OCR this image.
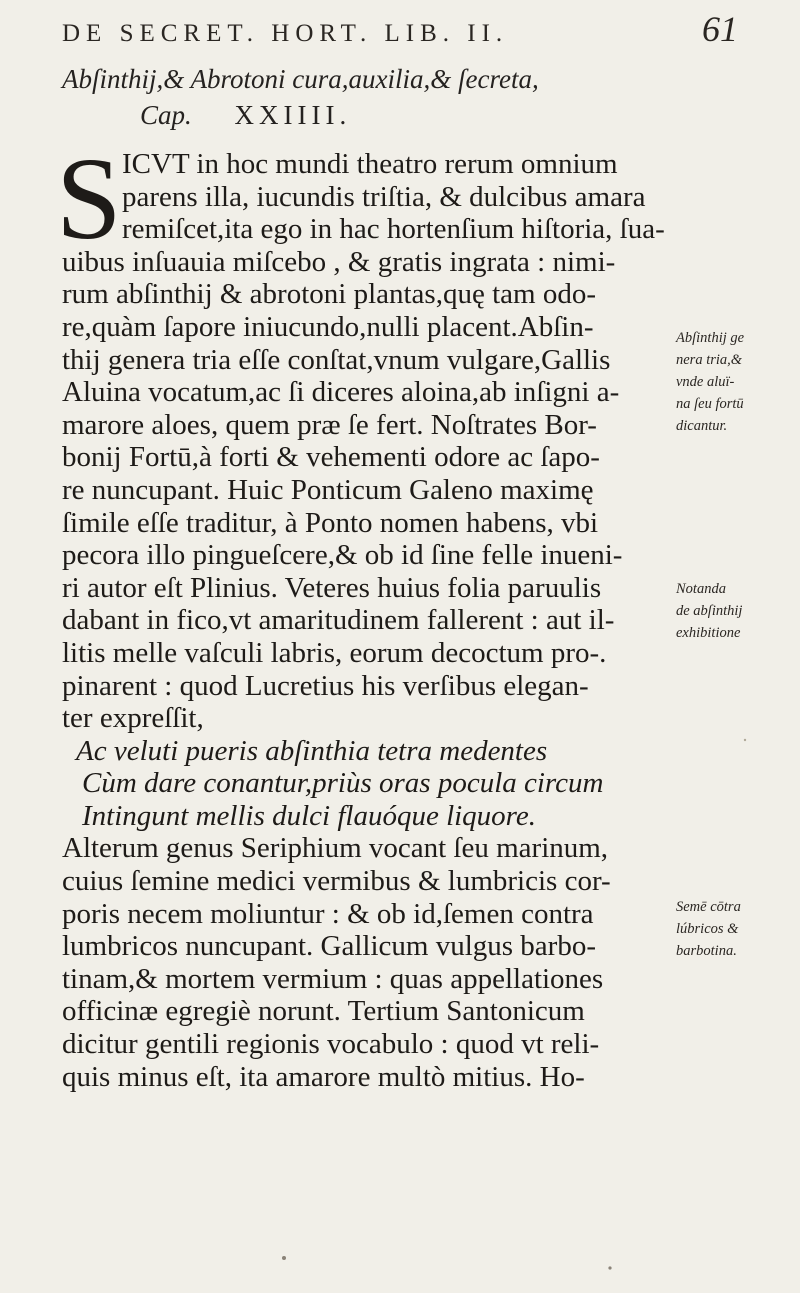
DE SECRET. HORT. LIB. II.	61
Abſinthij,& Abrotoni cura,auxilia,& ſecreta,
Cap. XXIIII.
S ICVT in hoc mundi theatro rerum omnium
parens illa, iucundis triſtia, & dulcibus amara
remiſcet,ita ego in hac hortenſium hiſtoria, ſua-
uibus inſuauia miſcebo , & gratis ingrata : nimi-
rum abſinthij & abrotoni plantas,quę tam odo-
re,quàm ſapore iniucundo,nulli placent.Abſin-
thij genera tria eſſe conſtat,vnum vulgare,Gallis
Aluina vocatum,ac ſi diceres aloina,ab inſigni a-
marore aloes, quem præ ſe fert. Noſtrates Bor-
bonij Fortū,à forti & vehementi odore ac ſapo-
re nuncupant. Huic Ponticum Galeno maximę
ſimile eſſe traditur, à Ponto nomen habens, vbi
pecora illo pingueſcere,& ob id ſine felle inueni-
ri autor eſt Plinius. Veteres huius folia paruulis
dabant in fico,vt amaritudinem fallerent : aut il-
litis melle vaſculi labris, eorum decoctum pro-.
pinarent : quod Lucretius his verſibus elegan-
ter expreſſit,
Ac veluti pueris abſinthia tetra medentes
Cùm dare conantur,priùs oras pocula circum
Intingunt mellis dulci flauóque liquore.
Alterum genus Seriphium vocant ſeu marinum,
cuius ſemine medici vermibus & lumbricis cor-
poris necem moliuntur : & ob id,ſemen contra
lumbricos nuncupant. Gallicum vulgus barbo-
tinam,& mortem vermium : quas appellationes
officinæ egregiè norunt. Tertium Santonicum
dicitur gentili regionis vocabulo : quod vt reli-
quis minus eſt, ita amarore multò mitius. Ho-
Abſinthij ge
nera tria,&
vnde aluï-
na ſeu fortū
dicantur.
Notanda
de abſinthij
exhibitione
Semē cōtra
lúbricos &
barbotina.
